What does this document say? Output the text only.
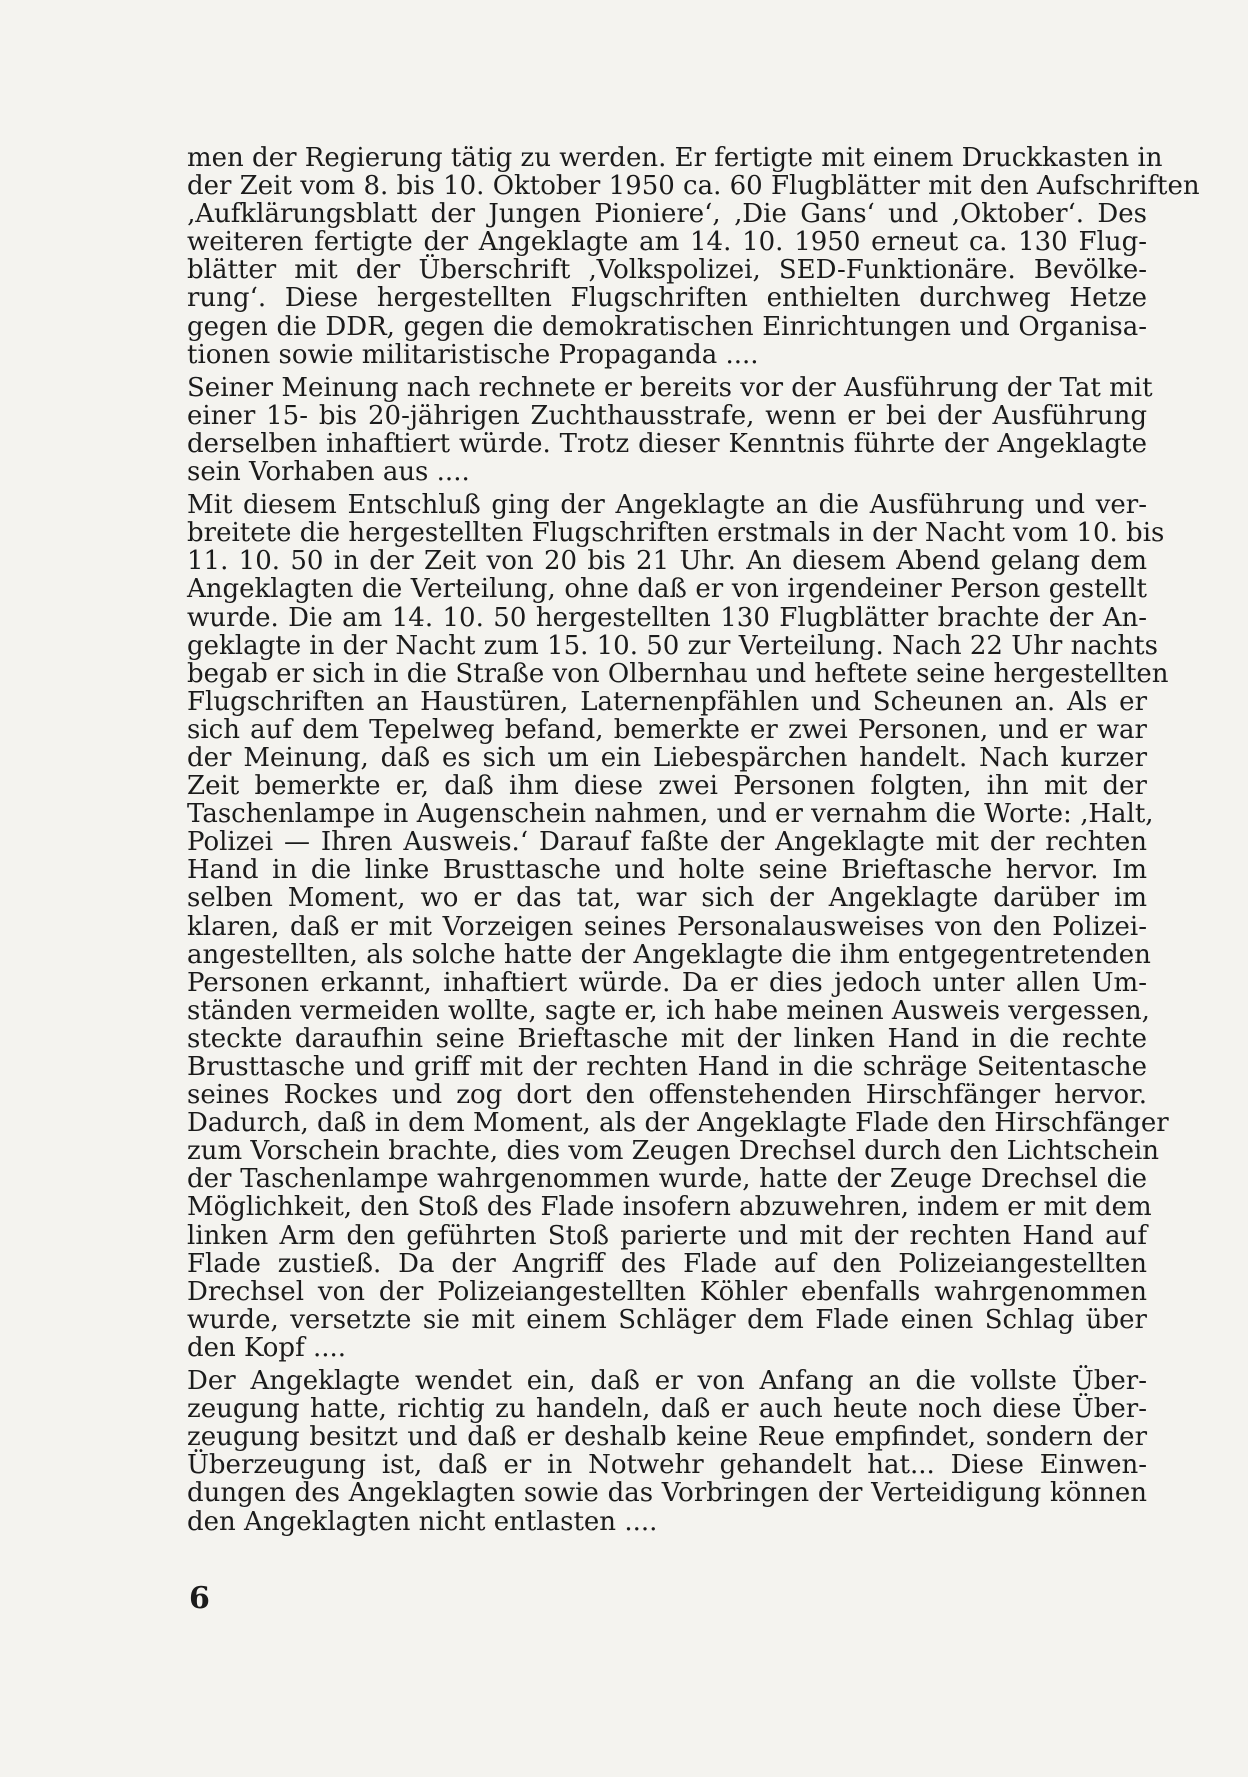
men der Regierung tätig zu werden. Er fertigte mit einem Druckkasten in
der Zeit vom 8. bis 10. Oktober 1950 ca. 60 Flugblätter mit den Aufschriften
‚Aufklärungsblatt der Jungen Pioniere‘, ‚Die Gans‘ und ‚Oktober‘. Des
weiteren fertigte der Angeklagte am 14. 10. 1950 erneut ca. 130 Flug-
blätter mit der Überschrift ‚Volkspolizei, SED-Funktionäre. Bevölke-
rung‘. Diese hergestellten Flugschriften enthielten durchweg Hetze
gegen die DDR, gegen die demokratischen Einrichtungen und Organisa-
tionen sowie militaristische Propaganda ....
Seiner Meinung nach rechnete er bereits vor der Ausführung der Tat mit
einer 15- bis 20-jährigen Zuchthausstrafe, wenn er bei der Ausführung
derselben inhaftiert würde. Trotz dieser Kenntnis führte der Angeklagte
sein Vorhaben aus ....
Mit diesem Entschluß ging der Angeklagte an die Ausführung und ver-
breitete die hergestellten Flugschriften erstmals in der Nacht vom 10. bis
11. 10. 50 in der Zeit von 20 bis 21 Uhr. An diesem Abend gelang dem
Angeklagten die Verteilung, ohne daß er von irgendeiner Person gestellt
wurde. Die am 14. 10. 50 hergestellten 130 Flugblätter brachte der An-
geklagte in der Nacht zum 15. 10. 50 zur Verteilung. Nach 22 Uhr nachts
begab er sich in die Straße von Olbernhau und heftete seine hergestellten
Flugschriften an Haustüren, Laternenpfählen und Scheunen an. Als er
sich auf dem Tepelweg befand, bemerkte er zwei Personen, und er war
der Meinung, daß es sich um ein Liebespärchen handelt. Nach kurzer
Zeit bemerkte er, daß ihm diese zwei Personen folgten, ihn mit der
Taschenlampe in Augenschein nahmen, und er vernahm die Worte: ‚Halt,
Polizei — Ihren Ausweis.‘ Darauf faßte der Angeklagte mit der rechten
Hand in die linke Brusttasche und holte seine Brieftasche hervor. Im
selben Moment, wo er das tat, war sich der Angeklagte darüber im
klaren, daß er mit Vorzeigen seines Personalausweises von den Polizei-
angestellten, als solche hatte der Angeklagte die ihm entgegentretenden
Personen erkannt, inhaftiert würde. Da er dies jedoch unter allen Um-
ständen vermeiden wollte, sagte er, ich habe meinen Ausweis vergessen,
steckte daraufhin seine Brieftasche mit der linken Hand in die rechte
Brusttasche und griff mit der rechten Hand in die schräge Seitentasche
seines Rockes und zog dort den offenstehenden Hirschfänger hervor.
Dadurch, daß in dem Moment, als der Angeklagte Flade den Hirschfänger
zum Vorschein brachte, dies vom Zeugen Drechsel durch den Lichtschein
der Taschenlampe wahrgenommen wurde, hatte der Zeuge Drechsel die
Möglichkeit, den Stoß des Flade insofern abzuwehren, indem er mit dem
linken Arm den geführten Stoß parierte und mit der rechten Hand auf
Flade zustieß. Da der Angriff des Flade auf den Polizeiangestellten
Drechsel von der Polizeiangestellten Köhler ebenfalls wahrgenommen
wurde, versetzte sie mit einem Schläger dem Flade einen Schlag über
den Kopf ....
Der Angeklagte wendet ein, daß er von Anfang an die vollste Über-
zeugung hatte, richtig zu handeln, daß er auch heute noch diese Über-
zeugung besitzt und daß er deshalb keine Reue empfindet, sondern der
Überzeugung ist, daß er in Notwehr gehandelt hat... Diese Einwen-
dungen des Angeklagten sowie das Vorbringen der Verteidigung können
den Angeklagten nicht entlasten ....
6
